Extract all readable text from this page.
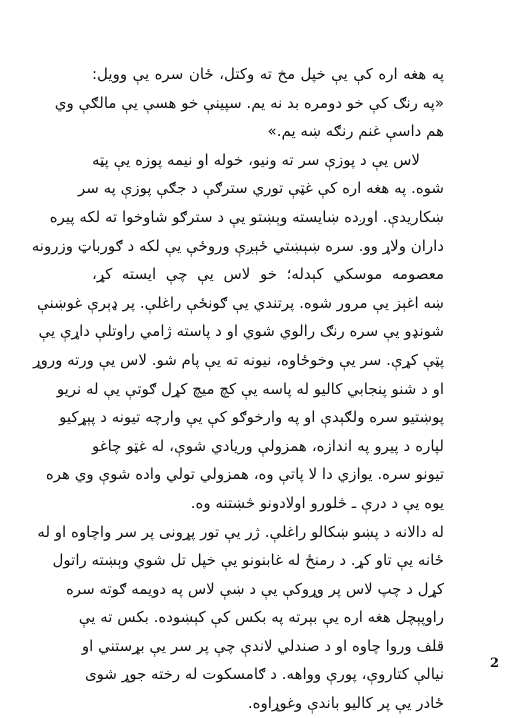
په هغه اره کې يې خپل مخ ته وکتل، ځان سره يې وويل:
«په رنګ کې خو دومره بد نه يم. سپينې خو هسې يې مالګې وي
هم داسې غنم رنګه ښه يم.»
لاس يې د پوزې سر ته ونيو، خوله او نيمه پوزه يې پټه
شوه. په هغه اره کې غټې توري سترګې د جګې پوزې په سر
ښکاريدې. اوږده ښايسته وېښتو يې د سترګو شاوخوا ته لکه پيره
داران ولاړ وو. سره ښېښتي ځېږې وروځې يې لکه د ګورباټ وزرونه
معصومه موسکي کېدله؛ خو لاس يې چې ايسته کړ،
ښه اغېز يې مرور شوه. پرتندي يې ګونځې راغلې. پر ډېرې غوښنې
شونډو يې سره رنګ رالوي شوي او د پاسته ژامي راوتلې داړې يې
پټې کړې. سر يې وخوځاوه، نيونه ته يې پام شو. لاس يې ورته وروړ
او د شنو پنجابي کاليو له پاسه يې کچ ميچ کړل ګوتې يې له نريو
پوښتيو سره ولګېدې او په وارخوګو کې يې وارچه تيونه د پېړکيو
لپاره د پيرو په اندازه، همزولې وريادي شوې، له غټو چاغو
تيونو سره. يوازي دا لا پاتې وه، همزولي تولي واده شوې وي هره
يوه يې د درې ـ څلورو اولادونو څښتنه وه.
له دالانه د پښو ښکالو راغلې. ژر يې تور پړونی پر سر واچاوه او له
ځانه يې تاو کړ. د رمنځ له غابنونو يې خپل تل شوي وېښته راتول
کړل د چپ لاس پر وړوکې يې د ښې لاس په دويمه ګوته سره
راوپېچل هغه اره يې بېرته په بکس کې کېښوده. بکس ته يې
قلف وروا چاوه او د صندلي لاندې چې پر سر يې بړستني او
نيالې کتاروې، پورې وواهه. د ګامسکوت له رخته جوړ شوی
ځادر يې پر کاليو باندې وغوړاوه.
2
